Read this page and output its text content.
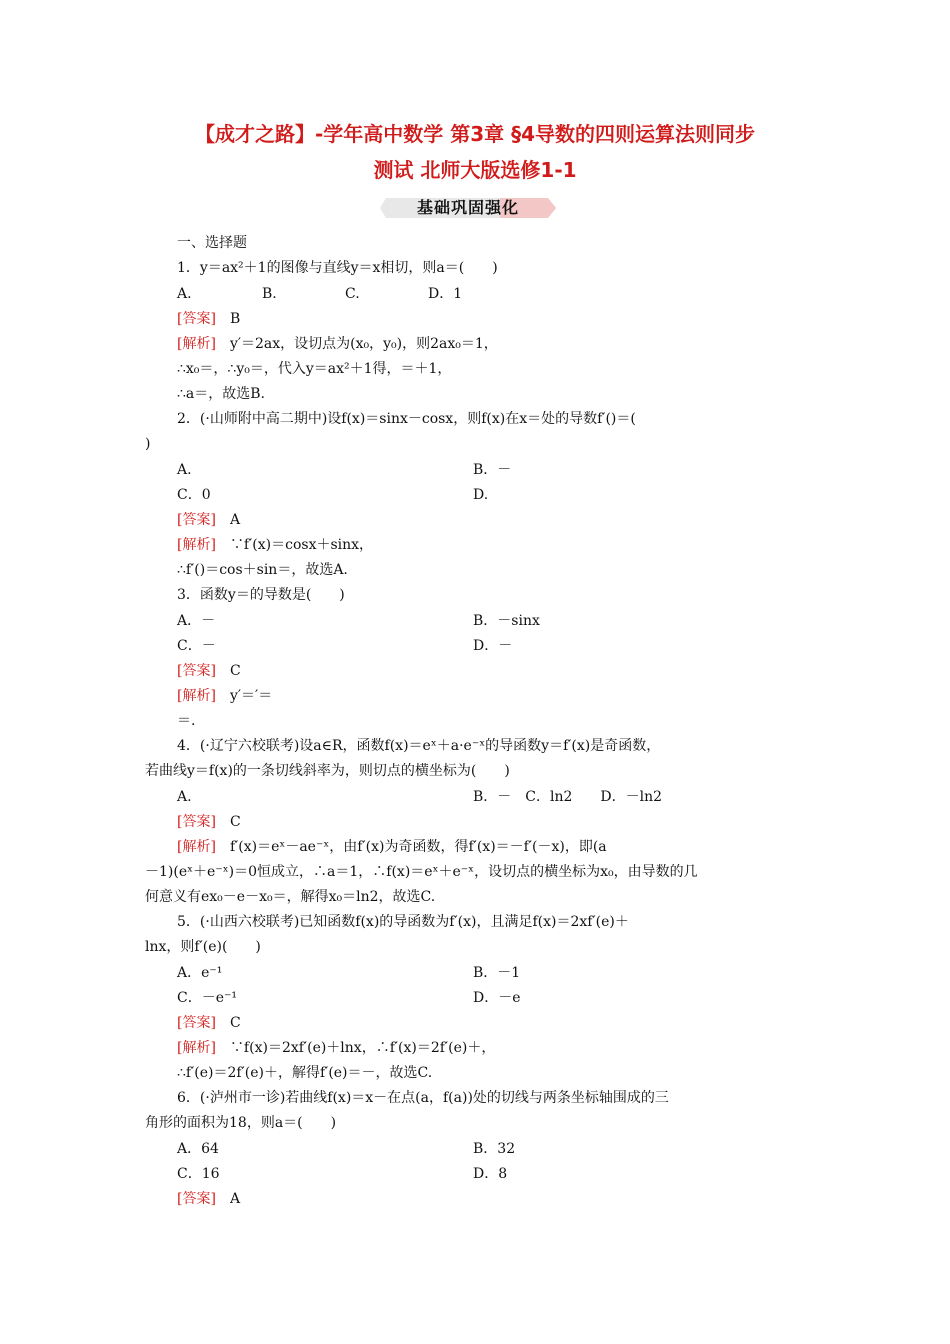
【成才之路】-学年高中数学 第3章 §4导数的四则运算法则同步
测试 北师大版选修1-1
基础巩固强化
一、选择题
1．y＝ax²＋1的图像与直线y＝x相切，则a＝(　　)
A.	B.	C.	D．1
[答案]　 B
[解析]　 y′＝2ax，设切点为(x₀，y₀)，则2ax₀＝1，
∴x₀＝，∴y₀＝，代入y＝ax²＋1得，＝＋1，
∴a＝，故选B.
2．(·山师附中高二期中)设f(x)＝sinx－cosx，则f(x)在x＝处的导数f′()＝(
)
A.	B．－
C．0	D.
[答案]　 A
[解析]　 ∵f′(x)＝cosx＋sinx，
∴f′()＝cos＋sin＝，故选A.
3．函数y＝的导数是(　　)
A．－	B．－sinx
C．－	D．－
[答案]　 C
[解析]　 y′＝′＝
＝.
4．(·辽宁六校联考)设a∈R，函数f(x)＝eˣ＋a·e⁻ˣ的导函数y＝f′(x)是奇函数，
若曲线y＝f(x)的一条切线斜率为，则切点的横坐标为(　　)
A.	B．－　C．ln2　　D．－ln2
[答案]　 C
[解析]　 f′(x)＝eˣ－ae⁻ˣ，由f′(x)为奇函数，得f′(x)＝－f′(－x)，即(a
－1)(eˣ＋e⁻ˣ)＝0恒成立，∴a＝1，∴f(x)＝eˣ＋e⁻ˣ，设切点的横坐标为x₀，由导数的几
何意义有ex₀－e－x₀＝，解得x₀＝ln2，故选C.
5．(·山西六校联考)已知函数f(x)的导函数为f′(x)，且满足f(x)＝2xf′(e)＋
lnx，则f′(e)(　　)
A．e⁻¹	B．－1
C．－e⁻¹	D．－e
[答案]　 C
[解析]　 ∵f(x)＝2xf′(e)＋lnx，∴f′(x)＝2f′(e)＋，
∴f′(e)＝2f′(e)＋，解得f′(e)＝－，故选C.
6．(·泸州市一诊)若曲线f(x)＝x－在点(a，f(a))处的切线与两条坐标轴围成的三
角形的面积为18，则a＝(　　)
A．64	B．32
C．16	D．8
[答案]　 A
